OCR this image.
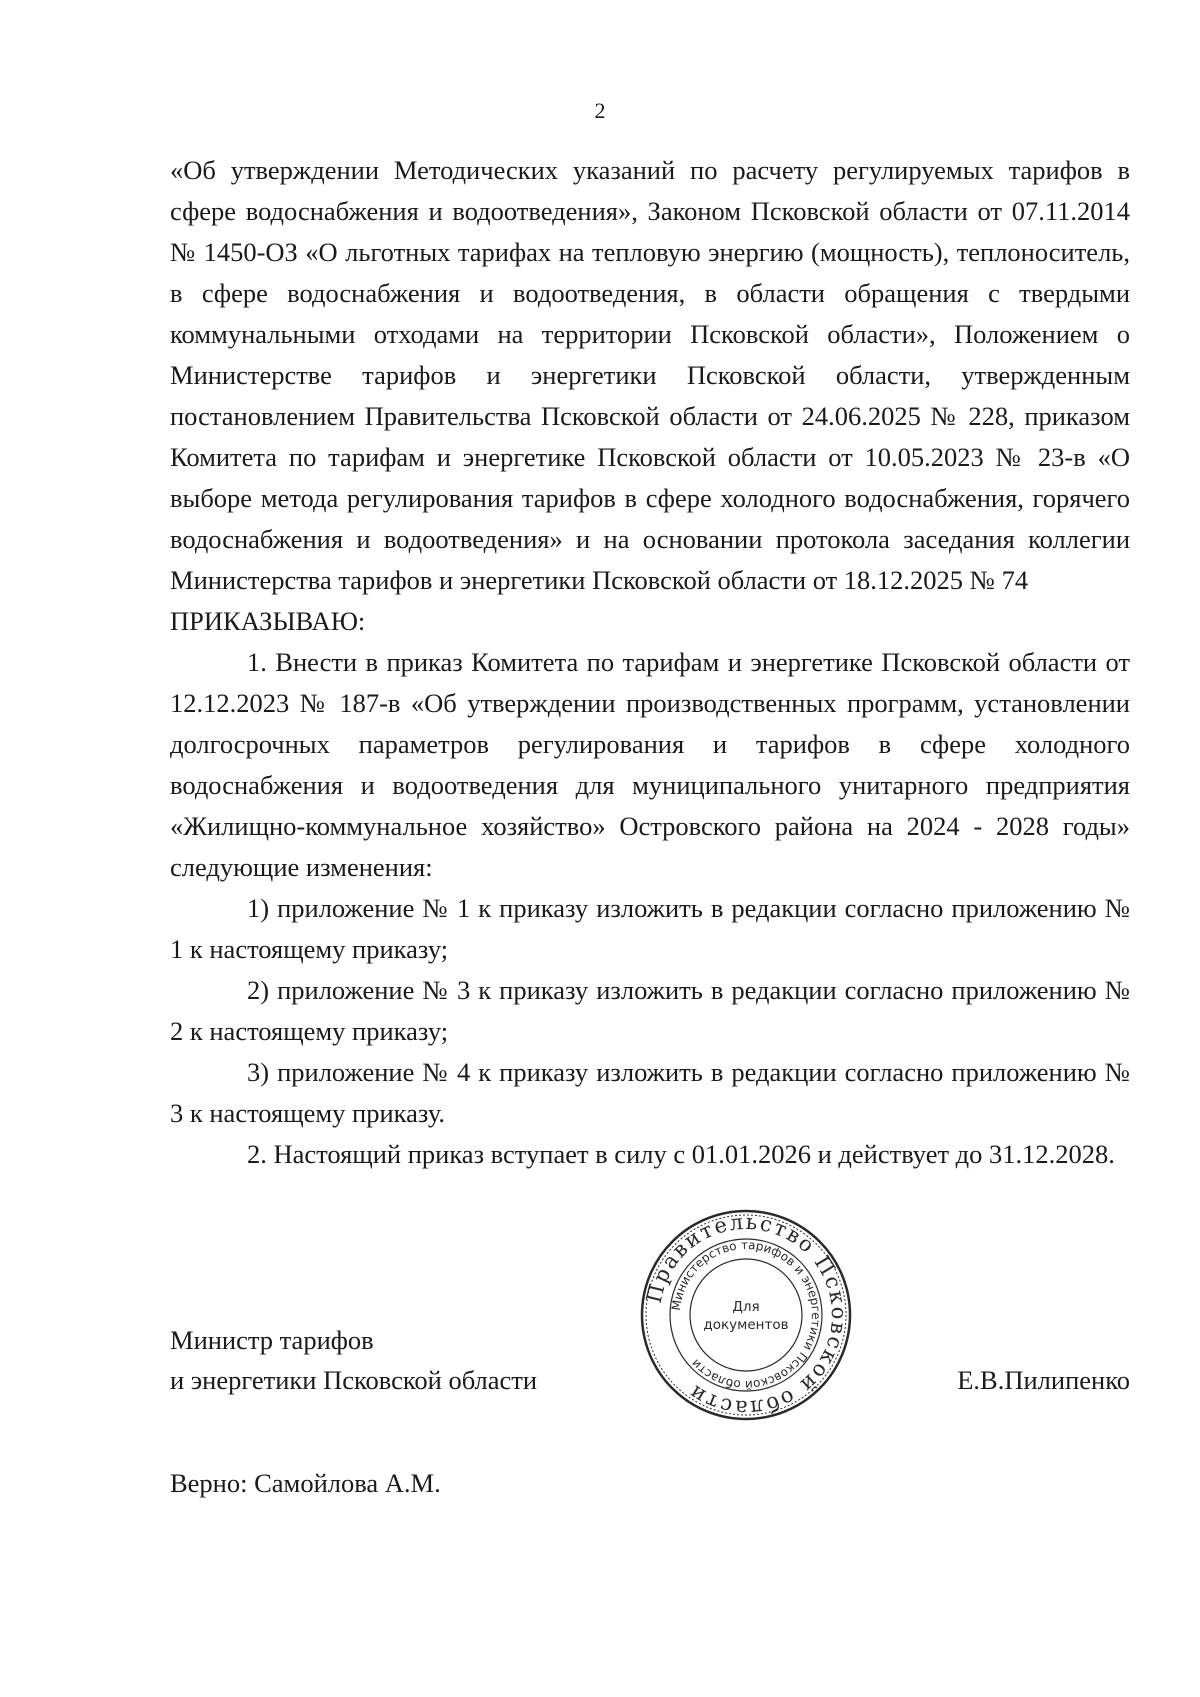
2

«Об утверждении Методических указаний по расчету регулируемых тарифов в сфере водоснабжения и водоотведения», Законом Псковской области от 07.11.2014 № 1450-ОЗ «О льготных тарифах на тепловую энергию (мощность), теплоноситель, в сфере водоснабжения и водоотведения, в области обращения с твердыми коммунальными отходами на территории Псковской области», Положением о Министерстве тарифов и энергетики Псковской области, утвержденным постановлением Правительства Псковской области от 24.06.2025 № 228, приказом Комитета по тарифам и энергетике Псковской области от 10.05.2023 № 23-в «О выборе метода регулирования тарифов в сфере холодного водоснабжения, горячего водоснабжения и водоотведения» и на основании протокола заседания коллегии Министерства тарифов и энергетики Псковской области от 18.12.2025 № 74

ПРИКАЗЫВАЮ:

1. Внести в приказ Комитета по тарифам и энергетике Псковской области от 12.12.2023 № 187-в «Об утверждении производственных программ, установлении долгосрочных параметров регулирования и тарифов в сфере холодного водоснабжения и водоотведения для муниципального унитарного предприятия «Жилищно-коммунальное хозяйство» Островского района на 2024 - 2028 годы» следующие изменения:

1) приложение № 1 к приказу изложить в редакции согласно приложению № 1 к настоящему приказу;

2) приложение № 3 к приказу изложить в редакции согласно приложению № 2 к настоящему приказу;

3) приложение № 4 к приказу изложить в редакции согласно приложению № 3 к настоящему приказу.

2. Настоящий приказ вступает в силу с 01.01.2026 и действует до 31.12.2028.

Правительство Псковской области
Министерство тарифов и энергетики Псковской области
Для
документов
Министр тарифов
и энергетики Псковской области	Е.В.Пилипенко
Верно: Самойлова А.М.
